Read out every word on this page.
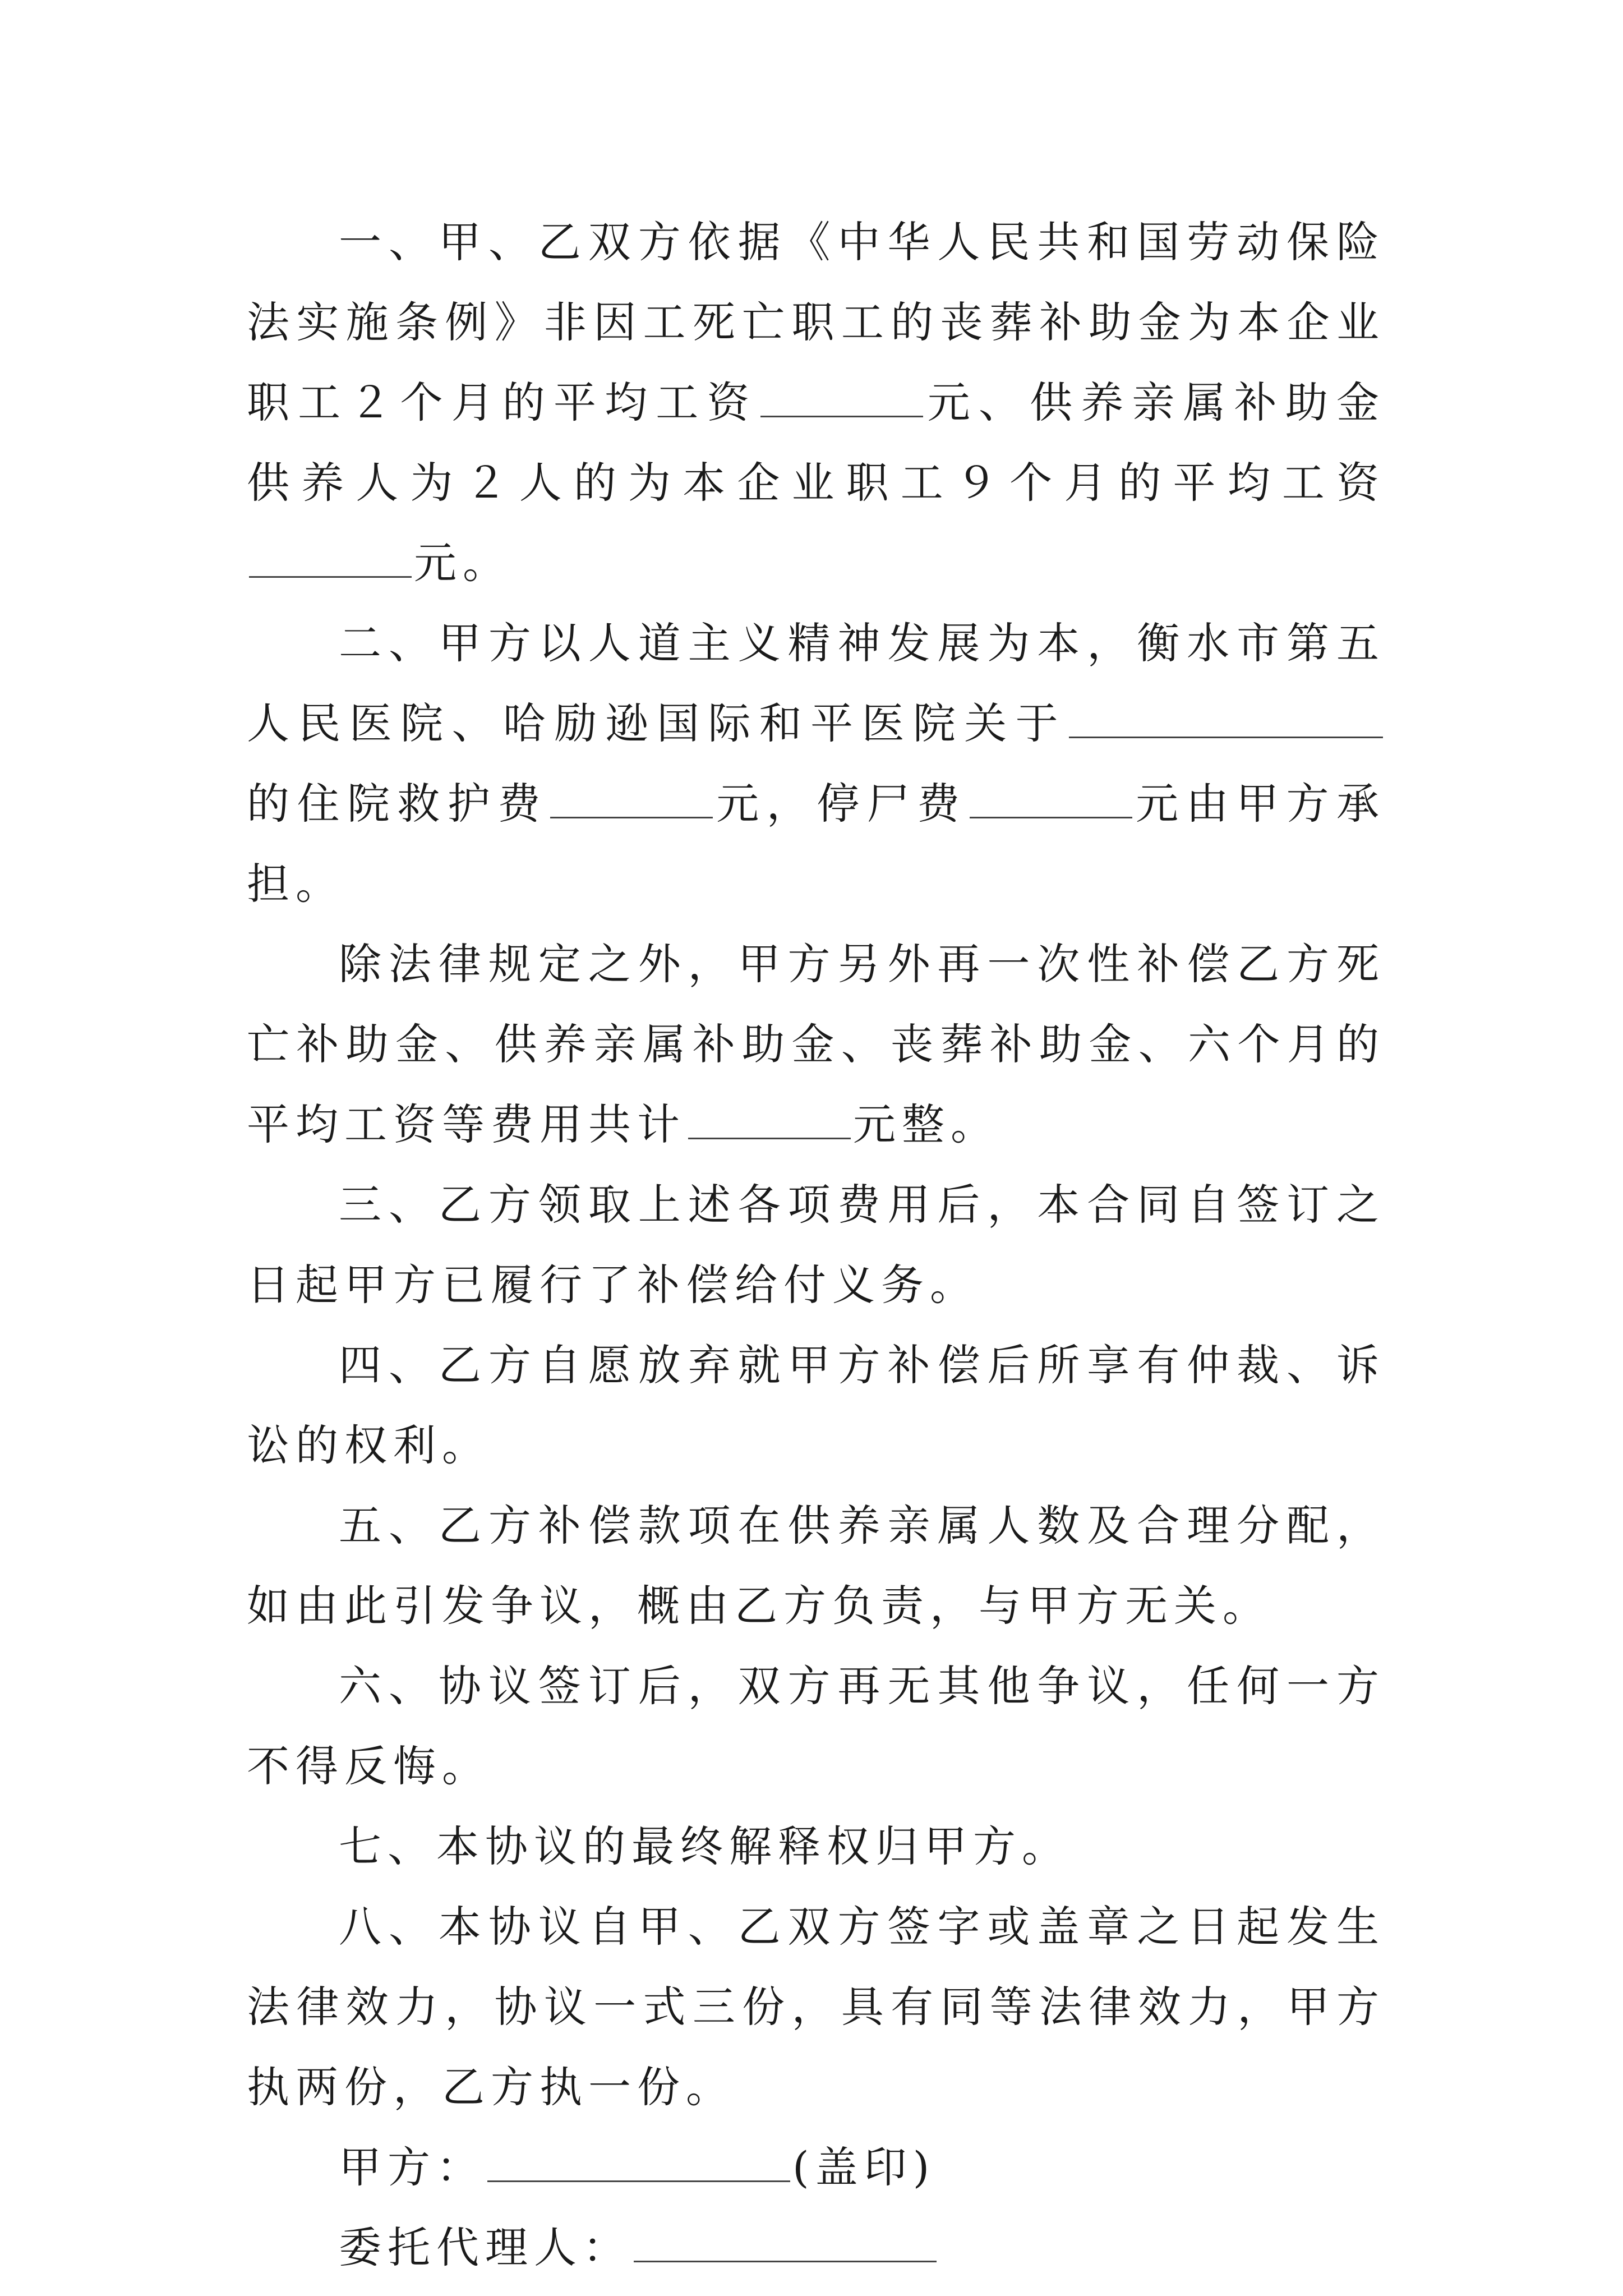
一、甲、乙双方依据《中华人民共和国劳动保险法实施条例》非因工死亡职工的丧葬补助金为本企业职工２个月的平均工资	元、供养亲属补助金供养人为２人的为本企业职工９个月的平均工资元。

二、甲方以人道主义精神发展为本，衡水市第五人民医院、哈励逊国际和平医院关于的住院救护费	元，停尸费	元由甲方承担。

除法律规定之外，甲方另外再一次性补偿乙方死亡补助金、供养亲属补助金、丧葬补助金、六个月的平均工资等费用共计	元整。

三、乙方领取上述各项费用后，本合同自签订之日起甲方已履行了补偿给付义务。

四、乙方自愿放弃就甲方补偿后所享有仲裁、诉讼的权利。

五、乙方补偿款项在供养亲属人数及合理分配，如由此引发争议，概由乙方负责，与甲方无关。

六、协议签订后，双方再无其他争议，任何一方不得反悔。

七、本协议的最终解释权归甲方。

八、本协议自甲、乙双方签字或盖章之日起发生法律效力，协议一式三份，具有同等法律效力，甲方执两份，乙方执一份。

甲方：	(盖印)

委托代理人：
